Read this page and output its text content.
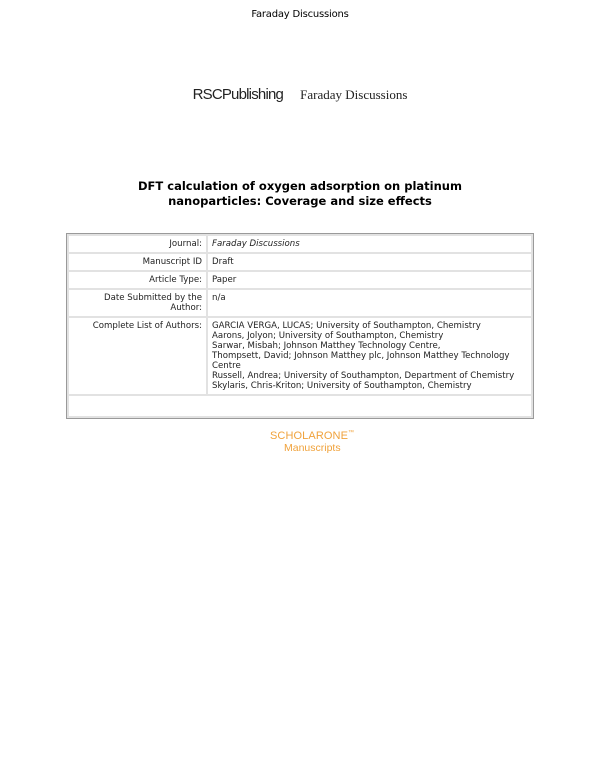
Faraday Discussions
RSCPublishing Faraday Discussions
DFT calculation of oxygen adsorption on platinum
nanoparticles: Coverage and size effects
Journal:	Faraday Discussions
Manuscript ID	Draft
Article Type:	Paper
Date Submitted by the Author:
n/a
Complete List of Authors:	GARCIA VERGA, LUCAS; University of Southampton, Chemistry
Aarons, Jolyon; University of Southampton, Chemistry
Sarwar, Misbah; Johnson Matthey Technology Centre,
Thompsett, David; Johnson Matthey plc, Johnson Matthey Technology Centre
Russell, Andrea; University of Southampton, Department of Chemistry
Skylaris, Chris-Kriton; University of Southampton, Chemistry
SCHOLARONE™
Manuscripts
